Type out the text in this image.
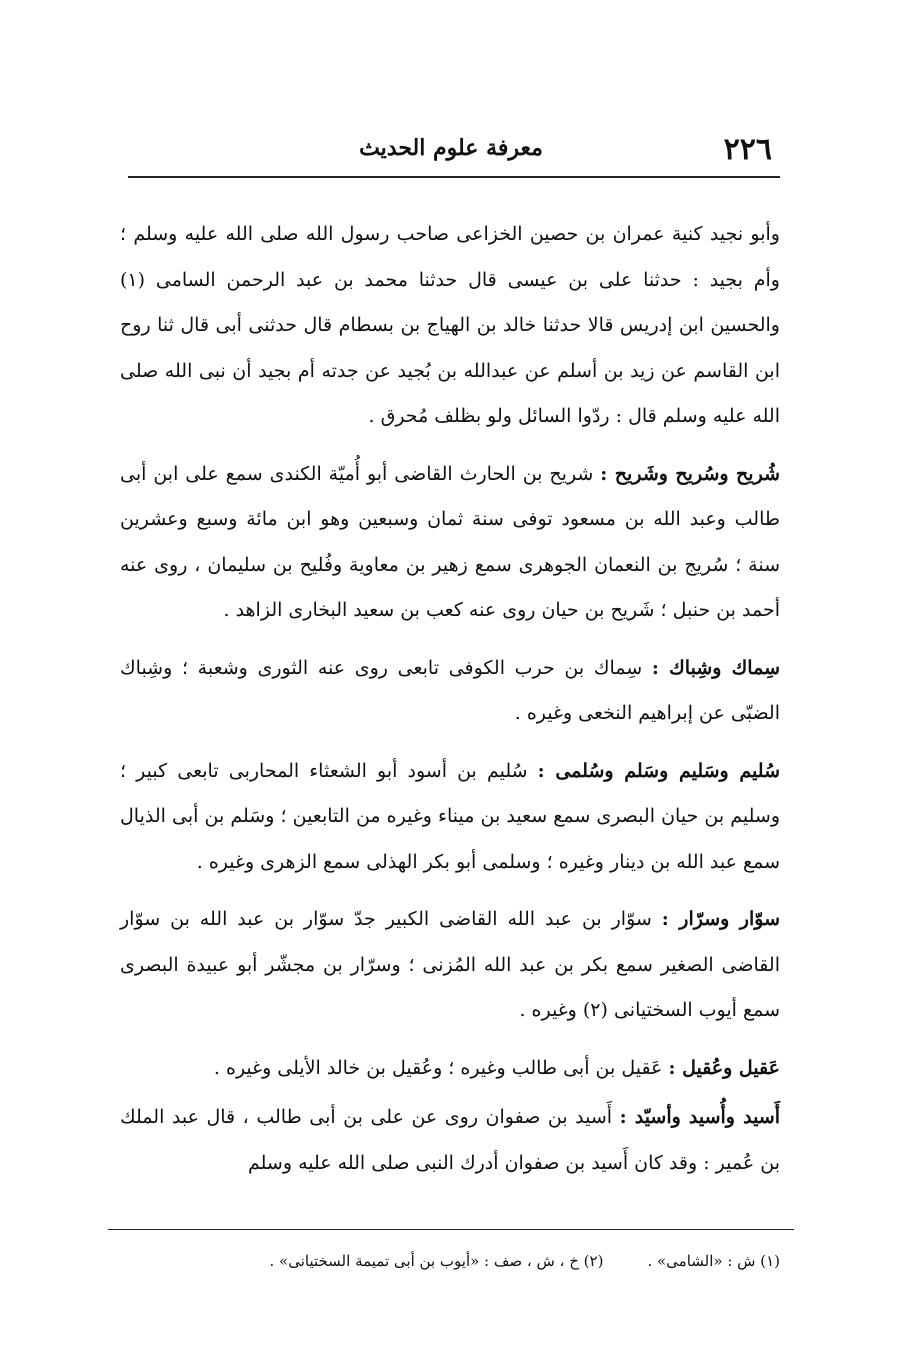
٢٢٦
معرفة علوم الحديث

وأبو نجيد كنية عمران بن حصين الخزاعى صاحب رسول الله صلى الله عليه وسلم ؛ وأم بجيد : حدثنا على بن عيسى قال حدثنا محمد بن عبد الرحمن السامى (١) والحسين ابن إدريس قالا حدثنا خالد بن الهياج بن بسطام قال حدثنى أبى قال ثنا روح ابن القاسم عن زيد بن أسلم عن عبدالله بن بُجيد عن جدته أم بجيد أن نبى الله صلى الله عليه وسلم قال : ردّوا السائل ولو بظلف مُحرق .

شُريح وسُريح وشَريح : شريح بن الحارث القاضى أبو أُميّة الكندى سمع على ابن أبى طالب وعبد الله بن مسعود توفى سنة ثمان وسبعين وهو ابن مائة وسبع وعشرين سنة ؛ سُريج بن النعمان الجوهرى سمع زهير بن معاوية وفُليح بن سليمان ، روى عنه أحمد بن حنبل ؛ شَريح بن حيان روى عنه كعب بن سعيد البخارى الزاهد .

سِماك وشِباك : سِماك بن حرب الكوفى تابعى روى عنه الثورى وشعبة ؛ وشِباك الضبّى عن إبراهيم النخعى وغيره .

سُليم وسَليم وسَلم وسُلمى : سُليم بن أسود أبو الشعثاء المحاربى تابعى كبير ؛ وسليم بن حيان البصرى سمع سعيد بن ميناء وغيره من التابعين ؛ وسَلم بن أبى الذيال سمع عبد الله بن دينار وغيره ؛ وسلمى أبو بكر الهذلى سمع الزهرى وغيره .

سوّار وسرّار : سوّار بن عبد الله القاضى الكبير جدّ سوّار بن عبد الله بن سوّار القاضى الصغير سمع بكر بن عبد الله المُزنى ؛ وسرّار بن مجشّر أبو عبيدة البصرى سمع أيوب السختيانى (٢) وغيره .

عَقيل وعُقيل : عَقيل بن أبى طالب وغيره ؛ وعُقيل بن خالد الأيلى وغيره .

أَسيد وأُسيد وأسيّد : أَسيد بن صفوان روى عن على بن أبى طالب ، قال عبد الملك بن عُمير : وقد كان أَسيد بن صفوان أدرك النبى صلى الله عليه وسلم

(١) ش : «الشامى» .
(٢) خ ، ش ، صف : «أيوب بن أبى تميمة السختيانى» .
